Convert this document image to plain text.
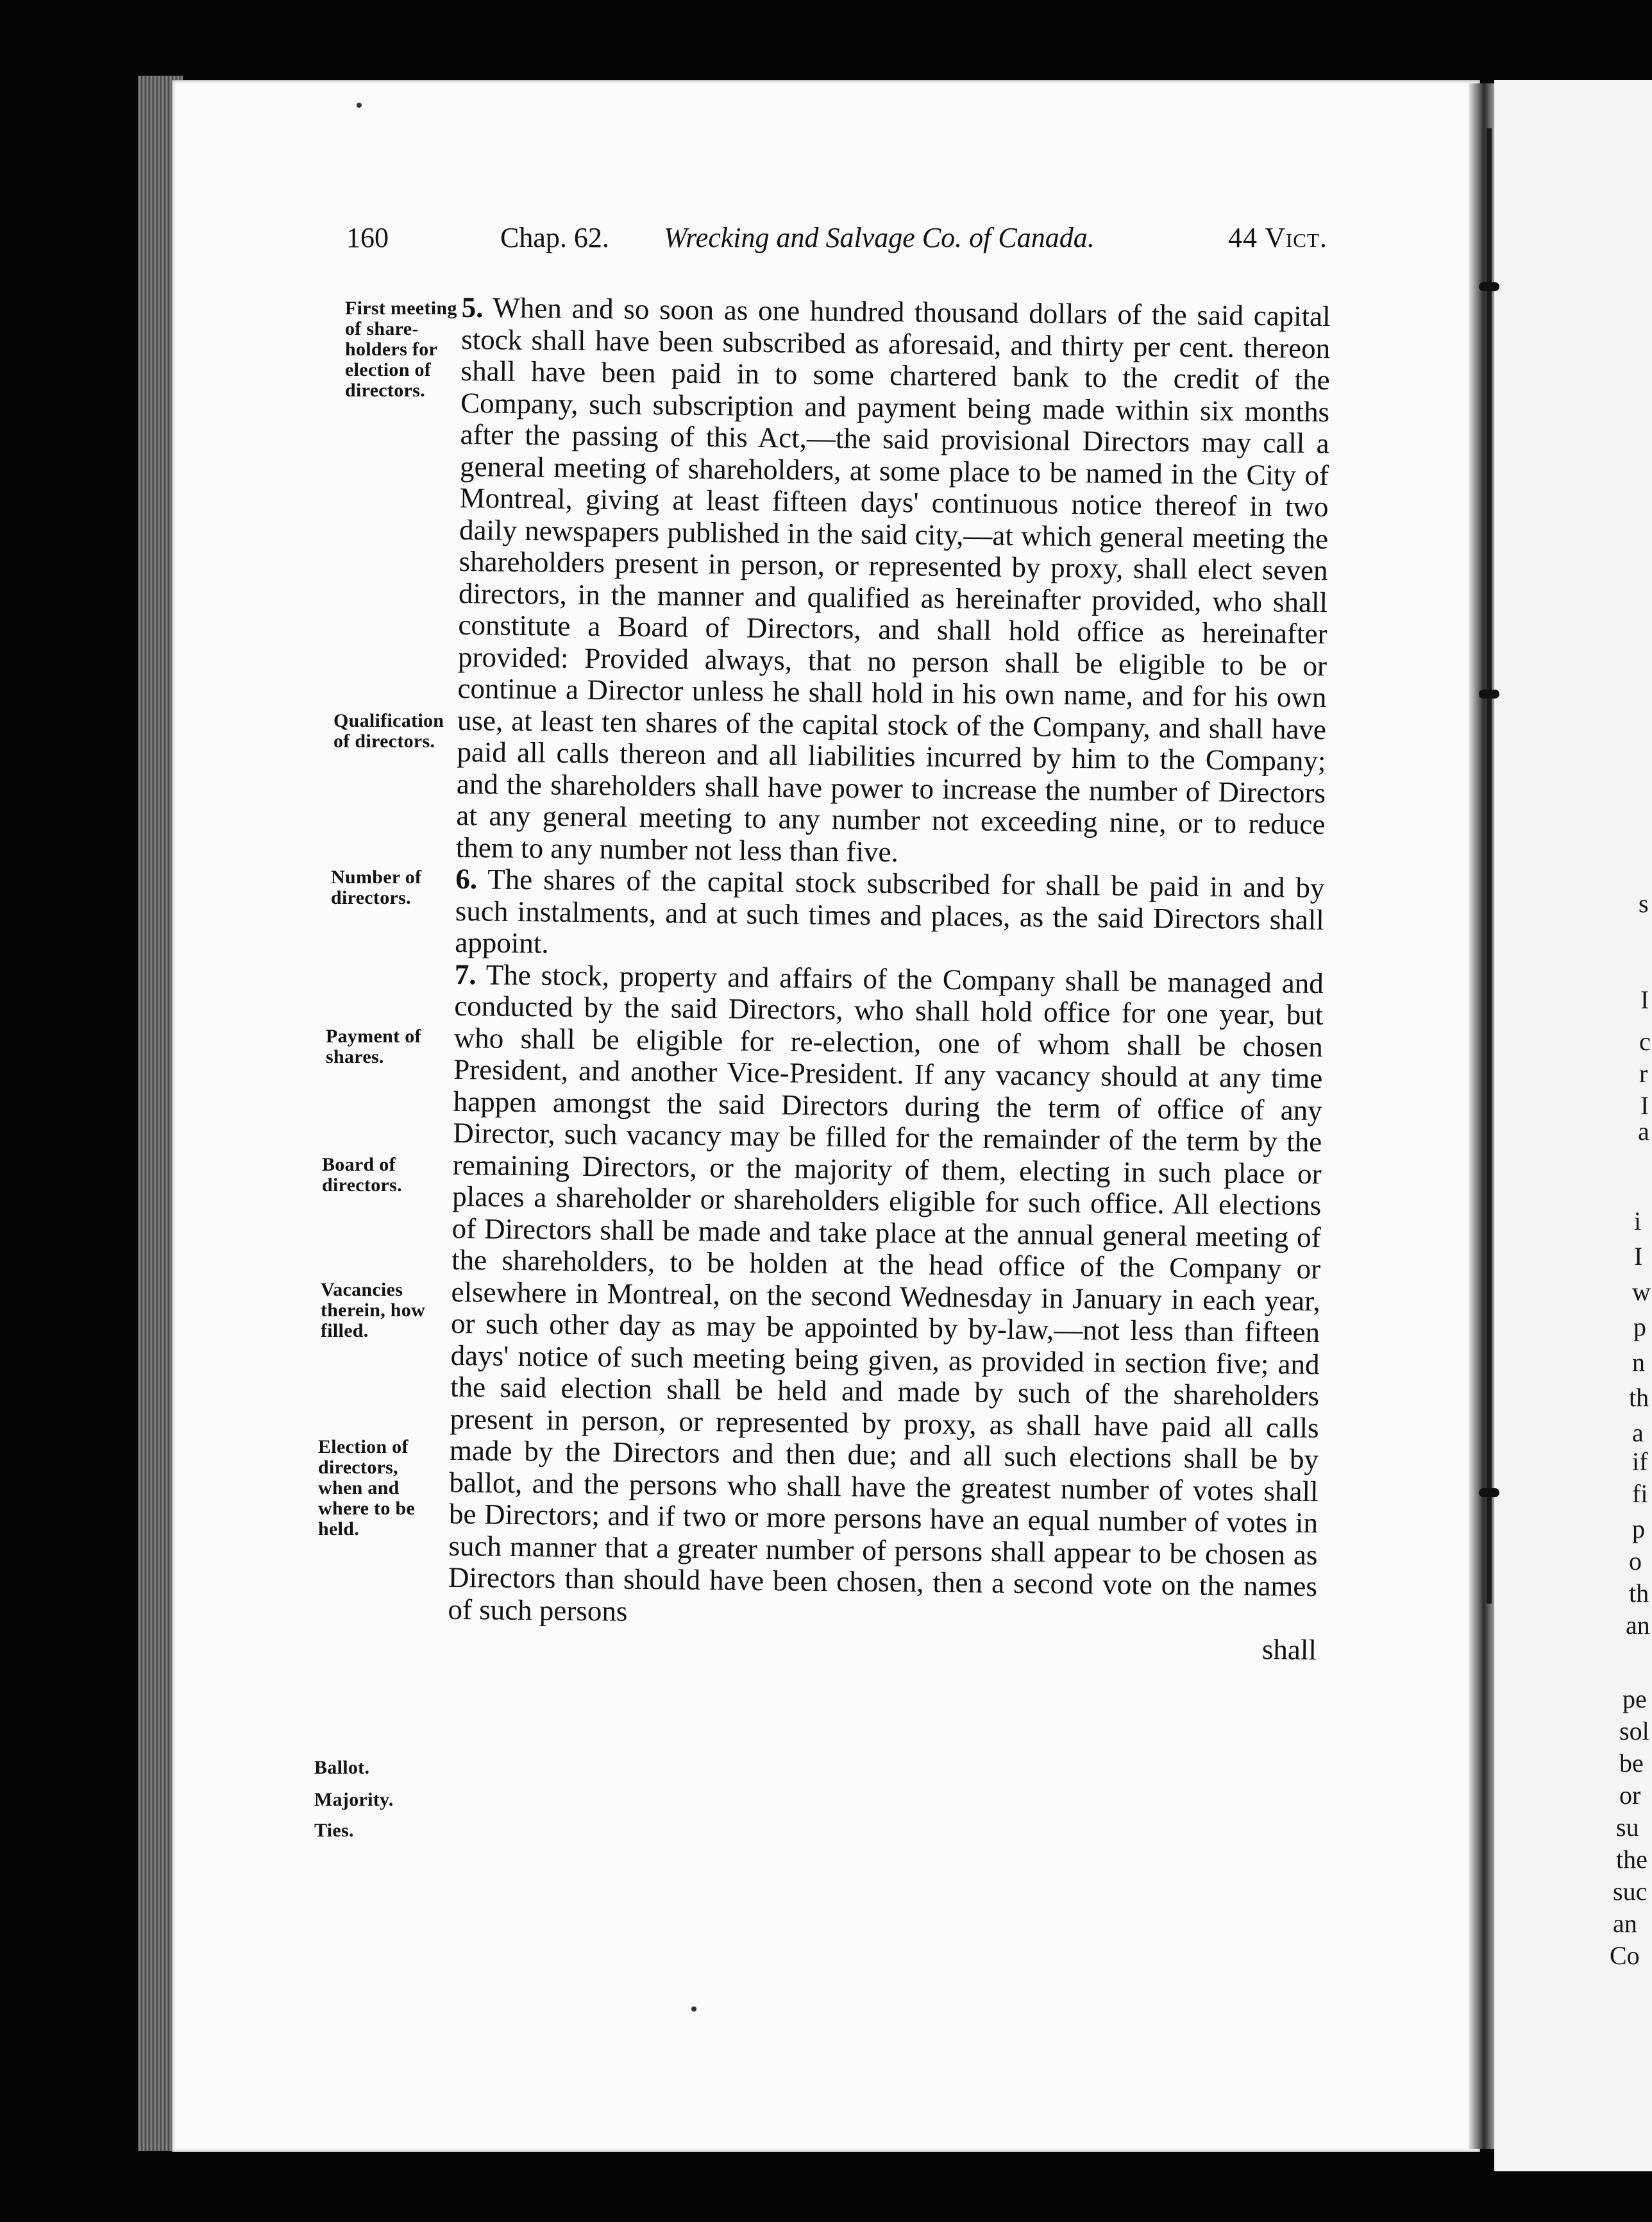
160	Chap. 62. Wrecking and Salvage Co. of Canada.	44 Vict.
First meeting
of share-
holders for
election of
directors.
Qualification
of directors.
Number of
directors.
Payment of
shares.
Board of
directors.
Vacancies
therein, how
filled.
Election of
directors,
when and
where to be
held.
Ballot.
Majority.
Ties.

5. When and so soon as one hundred thousand dollars of the said capital stock shall have been subscribed as aforesaid, and thirty per cent. thereon shall have been paid in to some chartered bank to the credit of the Company, such subscription and payment being made within six months after the passing of this Act,—the said provisional Directors may call a general meeting of shareholders, at some place to be named in the City of Montreal, giving at least fifteen days' continuous notice thereof in two daily newspapers published in the said city,—at which general meeting the shareholders present in person, or represented by proxy, shall elect seven directors, in the manner and qualified as hereinafter provided, who shall constitute a Board of Directors, and shall hold office as hereinafter provided: Provided always, that no person shall be eligible to be or continue a Director unless he shall hold in his own name, and for his own use, at least ten shares of the capital stock of the Company, and shall have paid all calls thereon and all liabilities incurred by him to the Company; and the shareholders shall have power to increase the number of Directors at any general meeting to any number not exceeding nine, or to reduce them to any number not less than five.

6. The shares of the capital stock subscribed for shall be paid in and by such instalments, and at such times and places, as the said Directors shall appoint.

7. The stock, property and affairs of the Company shall be managed and conducted by the said Directors, who shall hold office for one year, but who shall be eligible for re-election, one of whom shall be chosen President, and another Vice-President. If any vacancy should at any time happen amongst the said Directors during the term of office of any Director, such vacancy may be filled for the remainder of the term by the remaining Directors, or the majority of them, electing in such place or places a shareholder or shareholders eligible for such office. All elections of Directors shall be made and take place at the annual general meeting of the shareholders, to be holden at the head office of the Company or elsewhere in Montreal, on the second Wednesday in January in each year, or such other day as may be appointed by by-law,—not less than fifteen days' notice of such meeting being given, as provided in section five; and the said election shall be held and made by such of the shareholders present in person, or represented by proxy, as shall have paid all calls made by the Directors and then due; and all such elections shall be by ballot, and the persons who shall have the greatest number of votes shall be Directors; and if two or more persons have an equal number of votes in such manner that a greater number of persons shall appear to be chosen as Directors than should have been chosen, then a second vote on the names of such persons

shall

s
I
c
r
I
a
i
I
w
p
n
th
a
if
fi
p
o
th
an
pe
sol
be
or
su
the
suc
an
Co
